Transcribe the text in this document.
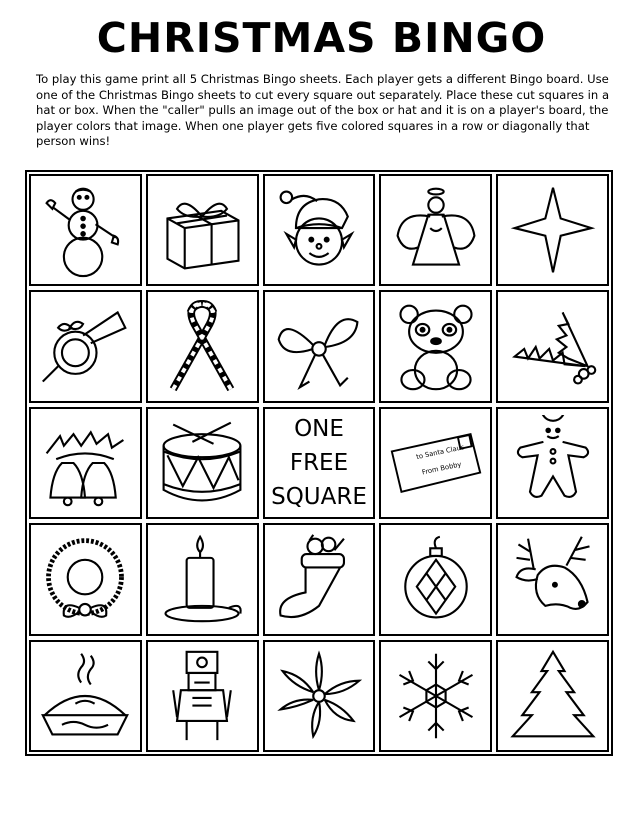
CHRISTMAS BINGO
To play this game print all 5 Christmas Bingo sheets. Each player gets a different Bingo board. Use one of the Christmas Bingo sheets to cut every square out separately. Place these cut squares in a hat or box. When the "caller" pulls an image out of the box or hat and it is on a player's board, the player colors that image. When one player gets five colored squares in a row or diagonally that person wins!
ONE
FREE
SQUARE
to Santa Claus
From Bobby
